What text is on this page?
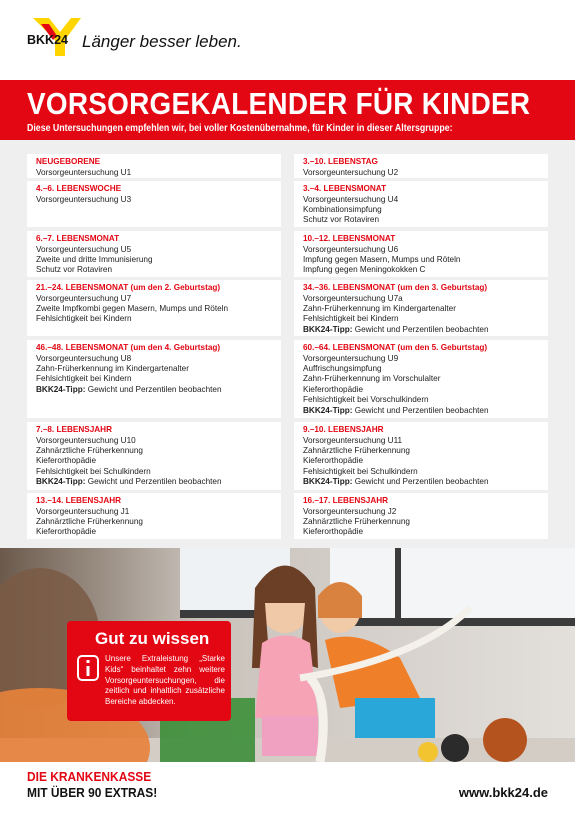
BKK24 Länger besser leben.
VORSORGEKALENDER FÜR KINDER
Diese Untersuchungen empfehlen wir, bei voller Kostenübernahme, für Kinder in dieser Altersgruppe:
NEUGEBORENE
Vorsorgeuntersuchung U1
3.–10. LEBENSTAG
Vorsorgeuntersuchung U2
4.–6. LEBENSWOCHE
Vorsorgeuntersuchung U3
3.–4. LEBENSMONAT
Vorsorgeuntersuchung U4
Kombinationsimpfung
Schutz vor Rotaviren
6.–7. LEBENSMONAT
Vorsorgeuntersuchung U5
Zweite und dritte Immunisierung
Schutz vor Rotaviren
10.–12. LEBENSMONAT
Vorsorgeuntersuchung U6
Impfung gegen Masern, Mumps und Röteln
Impfung gegen Meningokokken C
21.–24. LEBENSMONAT (um den 2. Geburtstag)
Vorsorgeuntersuchung U7
Zweite Impfkombi gegen Masern, Mumps und Röteln
Fehlsichtigkeit bei Kindern
34.–36. LEBENSMONAT (um den 3. Geburtstag)
Vorsorgeuntersuchung U7a
Zahn-Früherkennung im Kindergartenalter
Fehlsichtigkeit bei Kindern
BKK24-Tipp: Gewicht und Perzentilen beobachten
46.–48. LEBENSMONAT (um den 4. Geburtstag)
Vorsorgeuntersuchung U8
Zahn-Früherkennung im Kindergartenalter
Fehlsichtigkeit bei Kindern
BKK24-Tipp: Gewicht und Perzentilen beobachten
60.–64. LEBENSMONAT (um den 5. Geburtstag)
Vorsorgeuntersuchung U9
Auffrischungsimpfung
Zahn-Früherkennung im Vorschulalter
Kieferorthopädie
Fehlsichtigkeit bei Vorschulkindern
BKK24-Tipp: Gewicht und Perzentilen beobachten
7.–8. LEBENSJAHR
Vorsorgeuntersuchung U10
Zahnärztliche Früherkennung
Kieferorthopädie
Fehlsichtigkeit bei Schulkindern
BKK24-Tipp: Gewicht und Perzentilen beobachten
9.–10. LEBENSJAHR
Vorsorgeuntersuchung U11
Zahnärztliche Früherkennung
Kieferorthopädie
Fehlsichtigkeit bei Schulkindern
BKK24-Tipp: Gewicht und Perzentilen beobachten
13.–14. LEBENSJAHR
Vorsorgeuntersuchung J1
Zahnärztliche Früherkennung
Kieferorthopädie
16.–17. LEBENSJAHR
Vorsorgeuntersuchung J2
Zahnärztliche Früherkennung
Kieferorthopädie
Gut zu wissen
Unsere Extraleistung „Starke Kids“ beinhaltet zehn weitere Vorsorgeuntersuchungen, die zeitlich und inhaltlich zusätzliche Bereiche abdecken.
DIE KRANKENKASSE
MIT ÜBER 90 EXTRAS!	www.bkk24.de
